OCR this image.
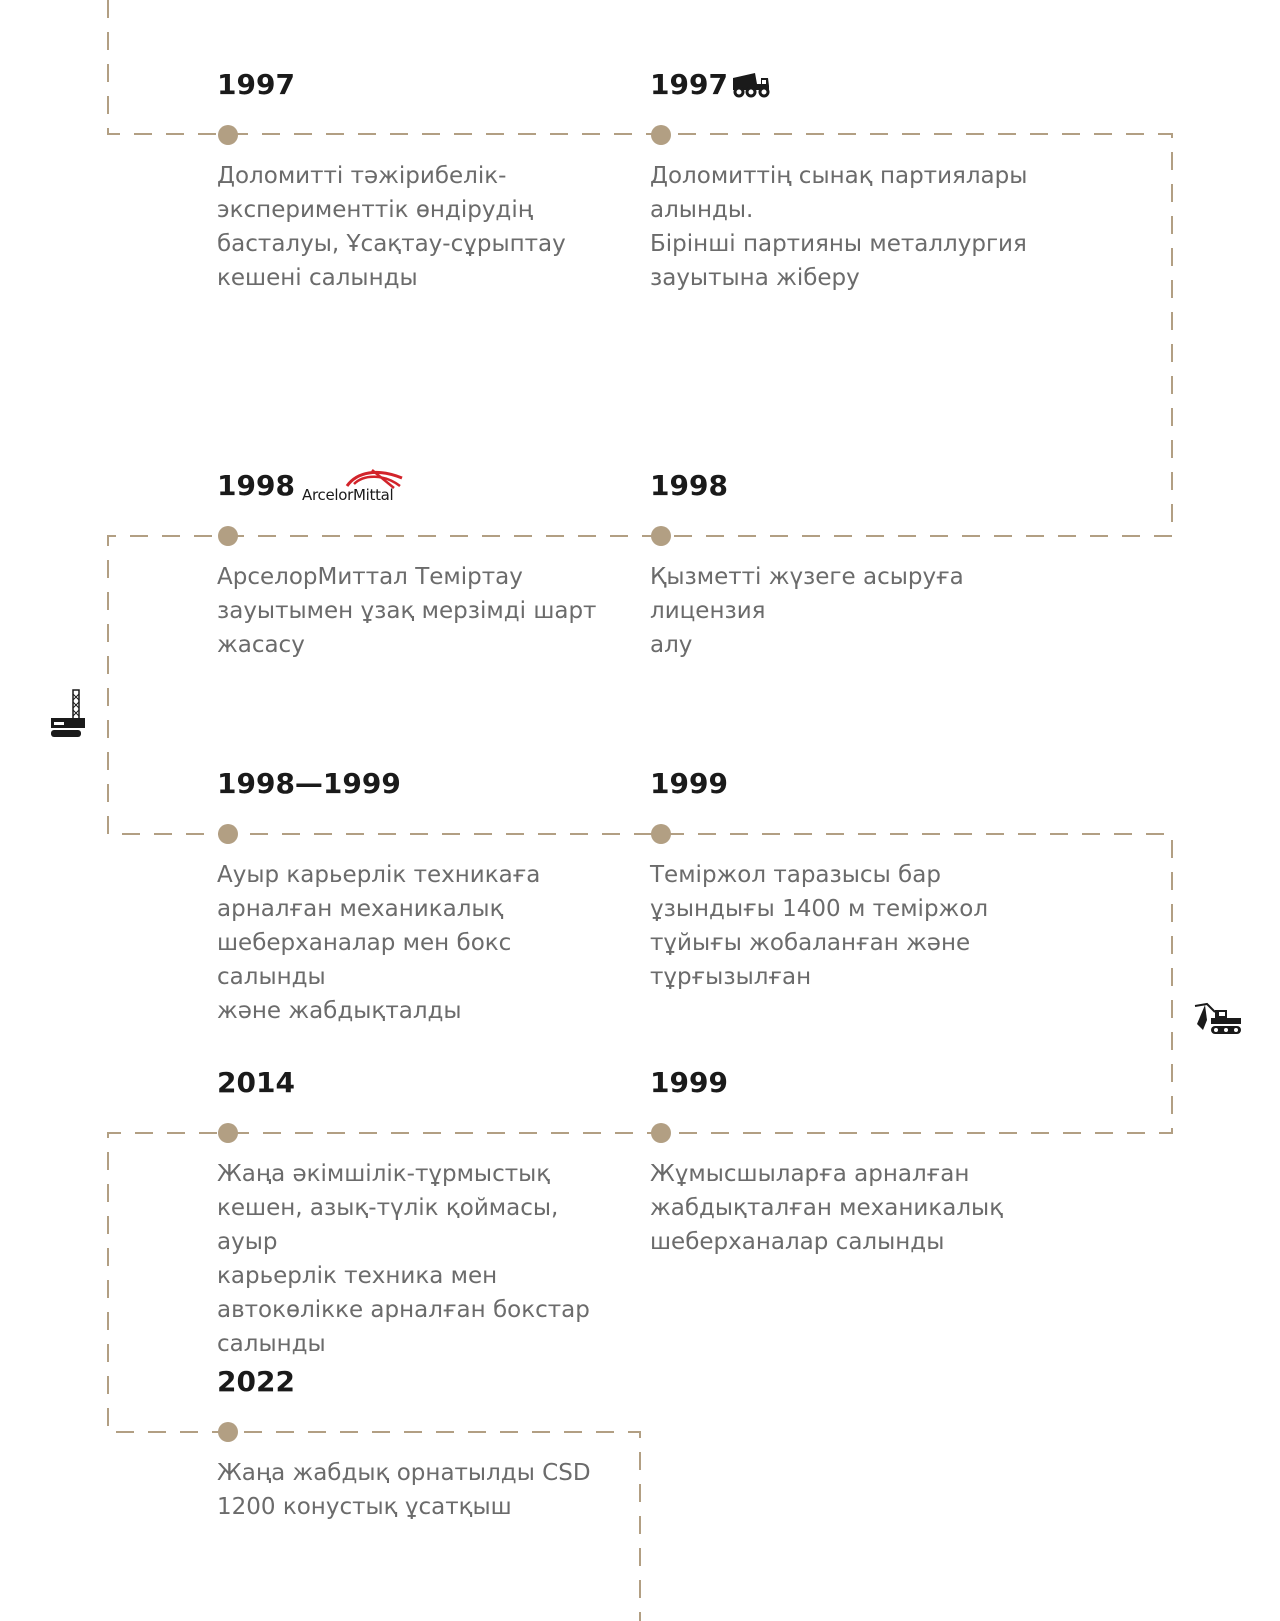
1997
Доломитті тәжірибелік-
эксперименттік өндірудің
басталуы, Ұсақтау-сұрыптау
кешені салынды
1997
Доломиттің сынақ партиялары
алынды.
Бірінші партияны металлургия
зауытына жіберу
1998 ArcelorMittal
АрселорМиттал Теміртау
зауытымен ұзақ мерзімді шарт
жасасу
1998
Қызметті жүзеге асыруға лицензия
алу
1998—1999
Ауыр карьерлік техникаға
арналған механикалық
шеберханалар мен бокс салынды
және жабдықталды
1999
Теміржол таразысы бар
ұзындығы 1400 м теміржол
тұйығы жобаланған және
тұрғызылған
2014
Жаңа әкімшілік-тұрмыстық
кешен, азық-түлік қоймасы, ауыр
карьерлік техника мен
автокөлікке арналған бокстар
салынды
1999
Жұмысшыларға арналған
жабдықталған механикалық
шеберханалар салынды
2022
Жаңа жабдық орнатылды CSD
1200 конустық ұсатқыш
